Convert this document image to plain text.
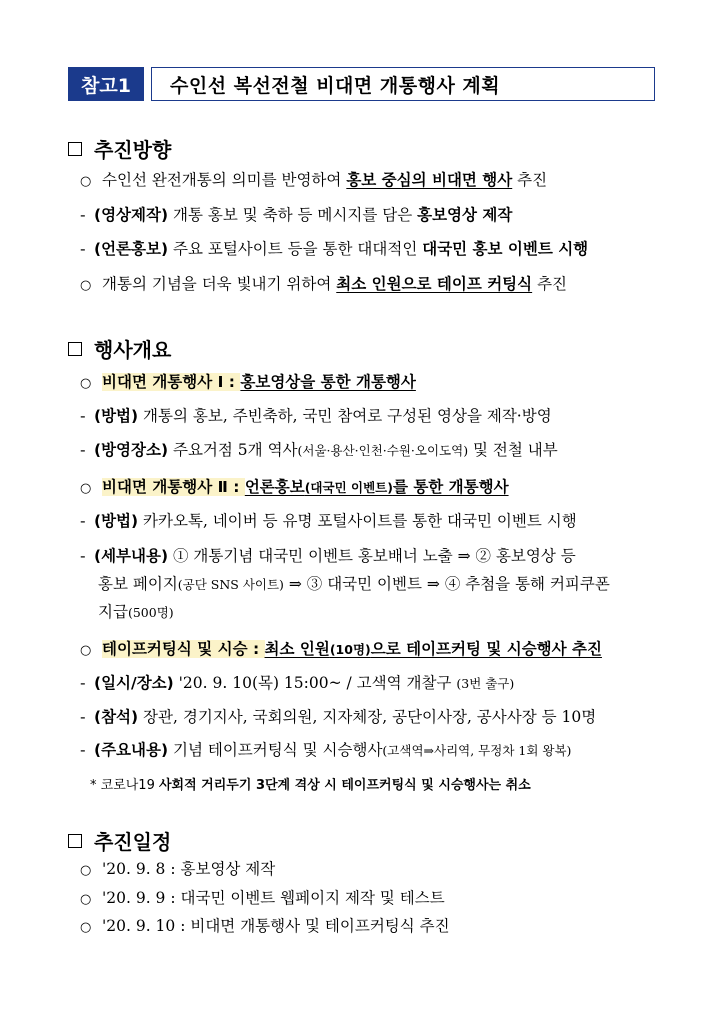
참고1	수인선 복선전철 비대면 개통행사 계획
추진방향
○ 수인선 완전개통의 의미를 반영하여 홍보 중심의 비대면 행사 추진
- (영상제작) 개통 홍보 및 축하 등 메시지를 담은 홍보영상 제작
- (언론홍보) 주요 포털사이트 등을 통한 대대적인 대국민 홍보 이벤트 시행
○ 개통의 기념을 더욱 빛내기 위하여 최소 인원으로 테이프 커팅식 추진
행사개요
○ 비대면 개통행사 Ⅰ : 홍보영상을 통한 개통행사
- (방법) 개통의 홍보, 주빈축하, 국민 참여로 구성된 영상을 제작·방영
- (방영장소) 주요거점 5개 역사(서울·용산·인천·수원·오이도역) 및 전철 내부
○ 비대면 개통행사 Ⅱ : 언론홍보(대국민 이벤트)를 통한 개통행사
- (방법) 카카오톡, 네이버 등 유명 포털사이트를 통한 대국민 이벤트 시행
- (세부내용) ① 개통기념 대국민 이벤트 홍보배너 노출 ⇒ ② 홍보영상 등
홍보 페이지(공단 SNS 사이트) ⇒ ③ 대국민 이벤트 ⇒ ④ 추첨을 통해 커피쿠폰
지급(500명)
○ 테이프커팅식 및 시승 : 최소 인원(10명)으로 테이프커팅 및 시승행사 추진
- (일시/장소) '20. 9. 10(목) 15:00~ / 고색역 개찰구 (3번 출구)
- (참석) 장관, 경기지사, 국회의원, 지자체장, 공단이사장, 공사사장 등 10명
- (주요내용) 기념 테이프커팅식 및 시승행사(고색역⇒사리역, 무정차 1회 왕복)
* 코로나19 사회적 거리두기 3단계 격상 시 테이프커팅식 및 시승행사는 취소
추진일정
○ '20. 9. 8 : 홍보영상 제작
○ '20. 9. 9 : 대국민 이벤트 웹페이지 제작 및 테스트
○ '20. 9. 10 : 비대면 개통행사 및 테이프커팅식 추진
